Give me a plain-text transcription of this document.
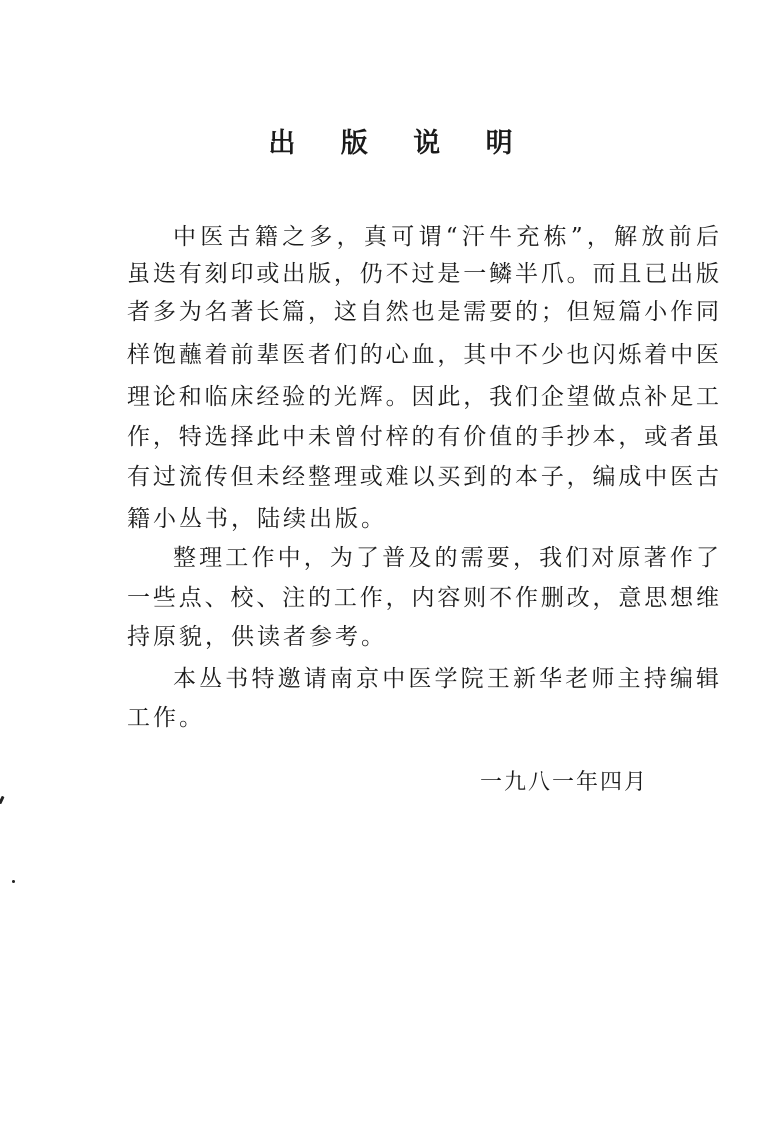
出 版 说 明

中医古籍之多，真可谓“汗牛充栋”，解放前后

虽迭有刻印或出版，仍不过是一鳞半爪。而且已出版

者多为名著长篇，这自然也是需要的；但短篇小作同

样饱蘸着前辈医者们的心血，其中不少也闪烁着中医

理论和临床经验的光辉。因此，我们企望做点补足工

作，特选择此中未曾付梓的有价值的手抄本，或者虽

有过流传但未经整理或难以买到的本子，编成中医古

籍小丛书，陆续出版。

整理工作中，为了普及的需要，我们对原著作了

一些点、校、注的工作，内容则不作删改，意思想维

持原貌，供读者参考。

本丛书特邀请南京中医学院王新华老师主持编辑

工作。

一九八一年四月
